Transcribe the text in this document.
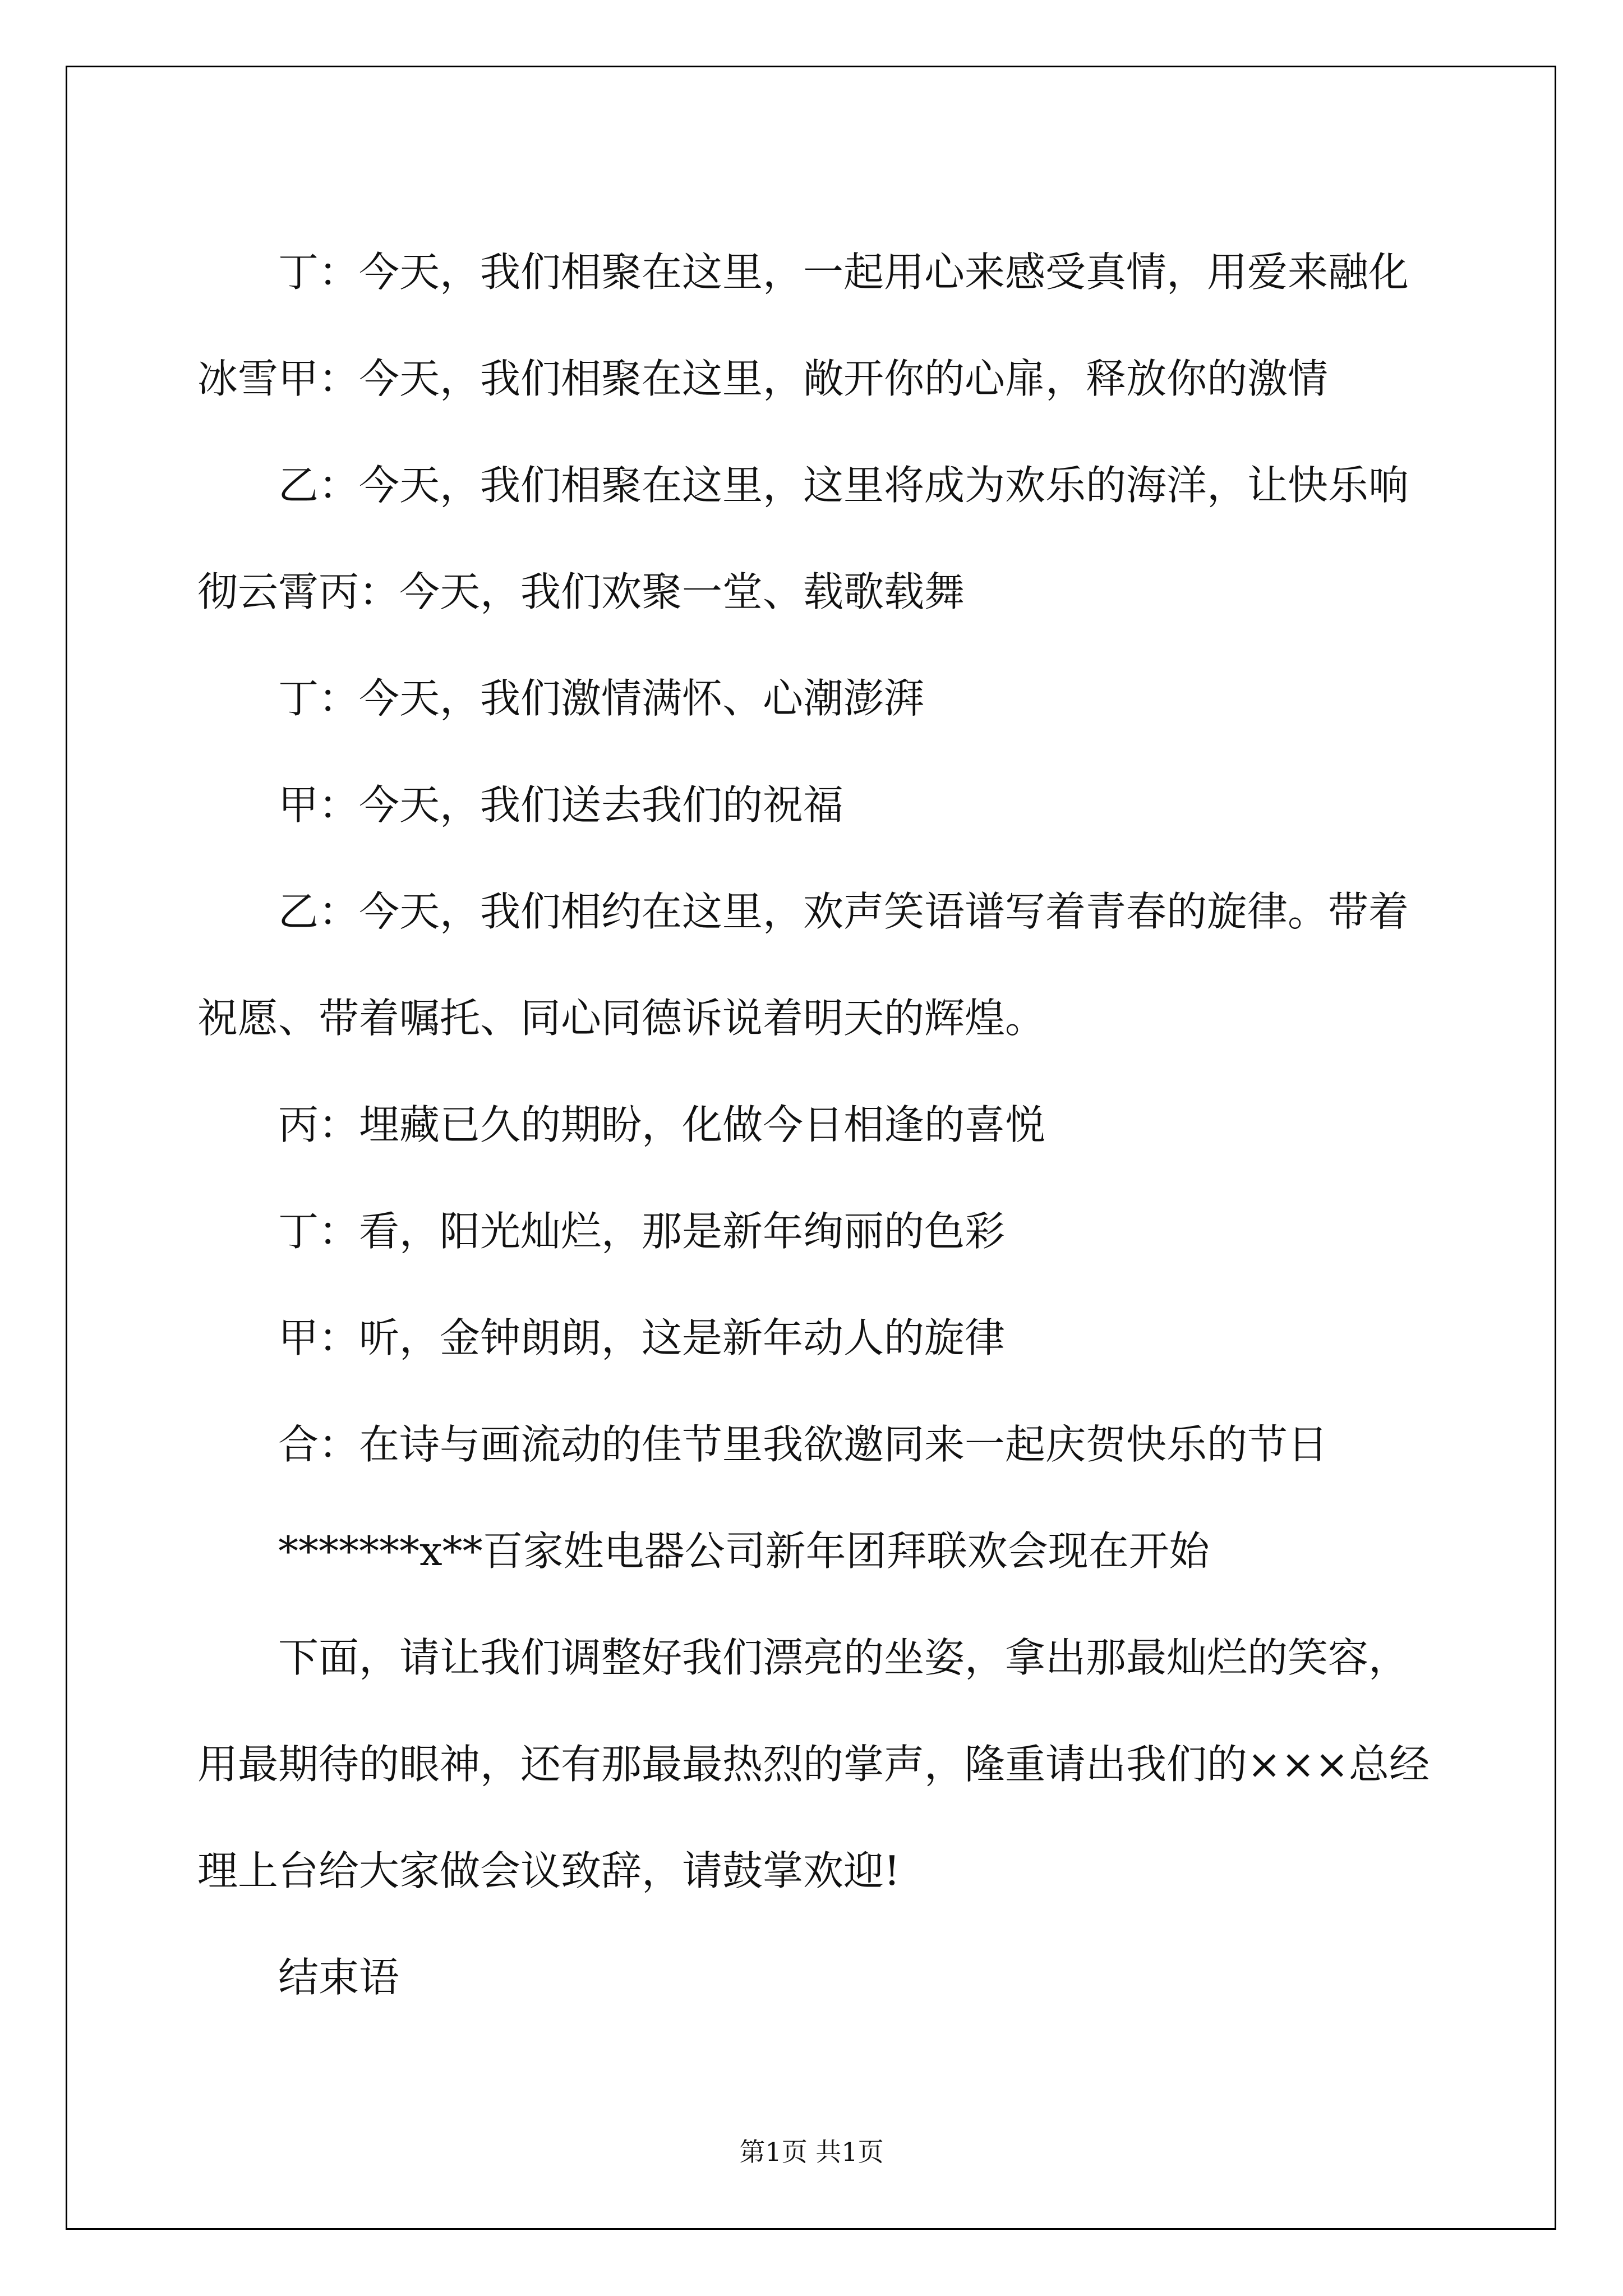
丁：今天，我们相聚在这里，一起用心来感受真情，用爱来融化冰雪甲：今天，我们相聚在这里，敞开你的心扉，释放你的激情

乙：今天，我们相聚在这里，这里将成为欢乐的海洋，让快乐响彻云霄丙：今天，我们欢聚一堂、载歌载舞

丁：今天，我们激情满怀、心潮澎湃

甲：今天，我们送去我们的祝福

乙：今天，我们相约在这里，欢声笑语谱写着青春的旋律。带着祝愿、带着嘱托、同心同德诉说着明天的辉煌。

丙：埋藏已久的期盼，化做今日相逢的喜悦

丁：看，阳光灿烂，那是新年绚丽的色彩

甲：听，金钟朗朗，这是新年动人的旋律

合：在诗与画流动的佳节里我欲邀同来一起庆贺快乐的节日

*******x**百家姓电器公司新年团拜联欢会现在开始

下面，请让我们调整好我们漂亮的坐姿，拿出那最灿烂的笑容，用最期待的眼神，还有那最最热烈的掌声，隆重请出我们的×××总经理上台给大家做会议致辞，请鼓掌欢迎!

结束语

第1页 共1页
